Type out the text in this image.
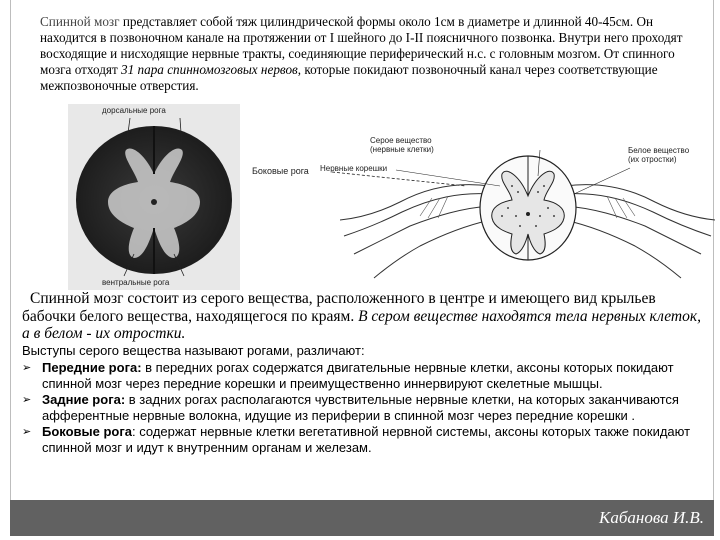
Спинной мозг представляет собой тяж цилиндрической формы около 1см в диаметре и длинной 40-45см. Он находится в позвоночном канале на протяжении от I шейного до I-II поясничного позвонка. Внутри него проходят восходящие и нисходящие нервные тракты, соединяющие периферический н.с. с головным мозгом. От спинного мозга отходят 31 пара спинномозговых нервов, которые покидают позвоночный канал через соответствующие межпозвоночные отверстия.
дорсальные рога
вентральные рога
Боковые рога
Серое вещество
(нервные клетки)	Белое вещество
(их отростки)
Нервные корешки

Спинной мозг состоит из серого вещества, расположенного в центре и имеющего вид крыльев бабочки белого вещества, находящегося по краям. В сером веществе находятся тела нервных клеток, а в белом - их отростки.

Выступы серого вещества называют рогами, различают:
➢ Передние рога: в передних рогах содержатся двигательные нервные клетки, аксоны которых покидают спинной мозг через передние корешки и преимущественно иннервируют скелетные мышцы.
➢ Задние рога: в задних рогах располагаются чувствительные нервные клетки, на которых заканчиваются афферентные нервные волокна, идущие из периферии в спинной мозг через передние корешки .
➢ Боковые рога: содержат нервные клетки вегетативной нервной системы, аксоны которых также покидают спинной мозг и идут к внутренним органам и железам.
Кабанова И.В.
